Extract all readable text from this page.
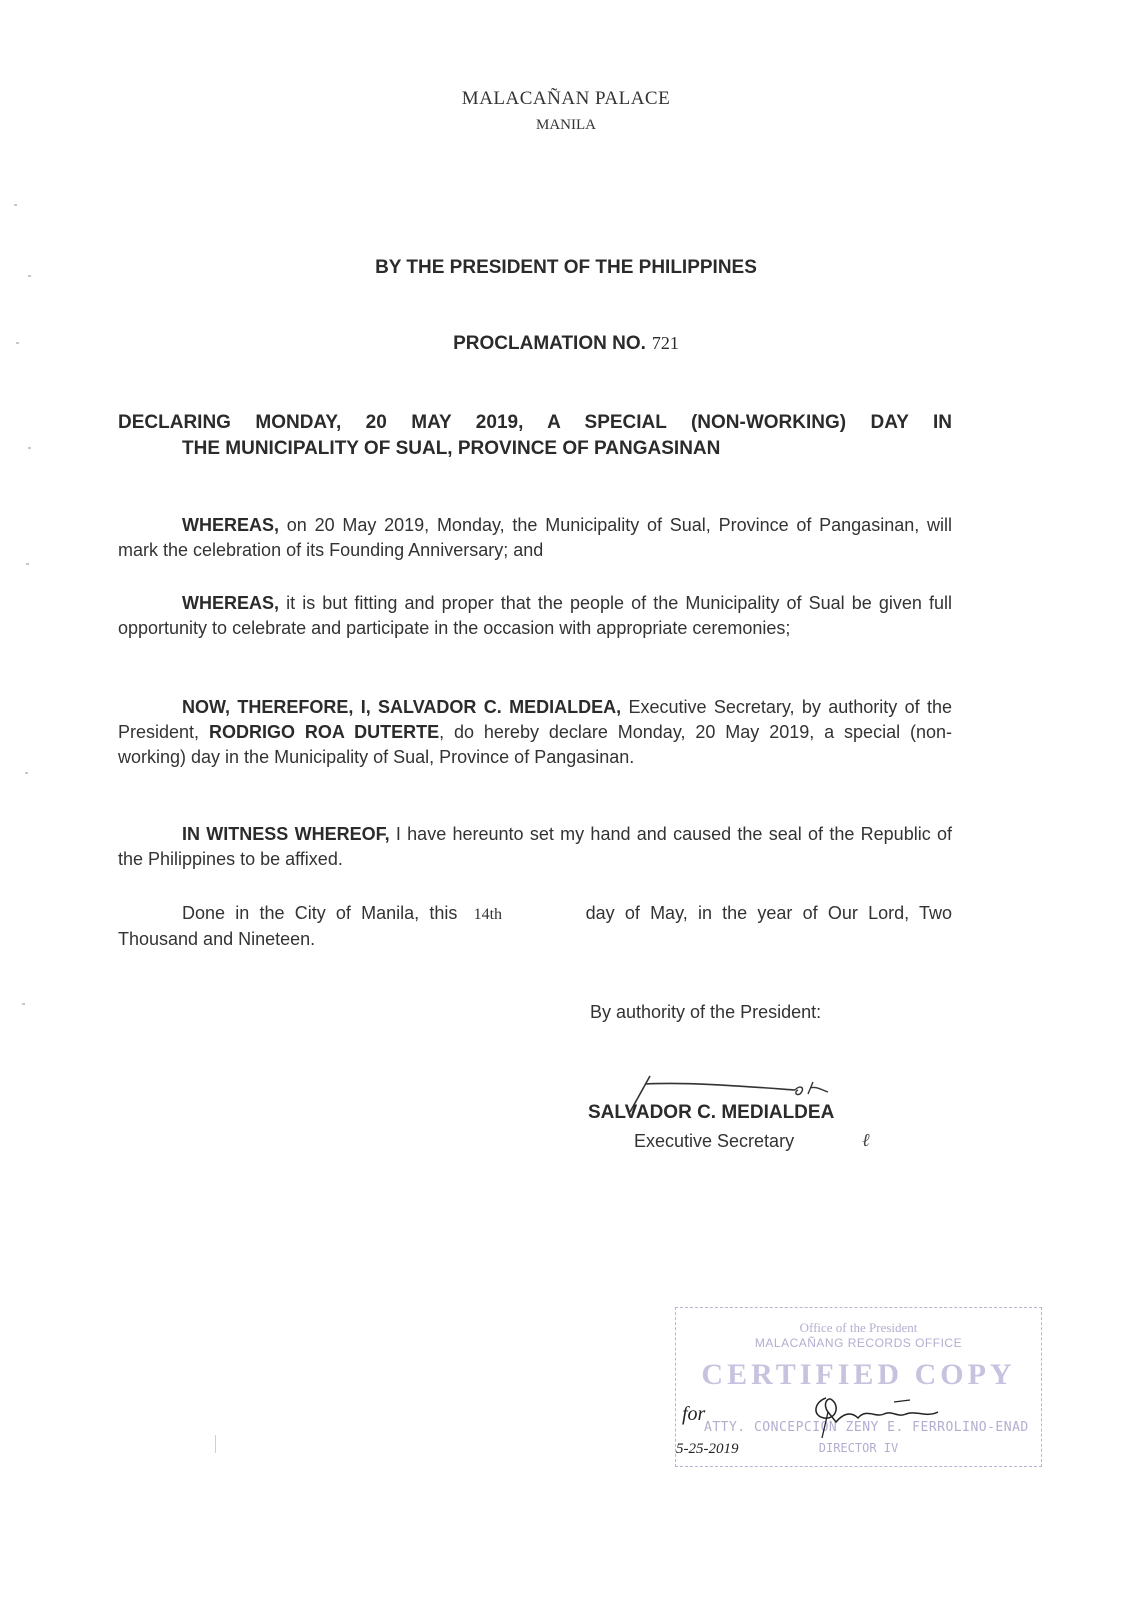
MALACAÑAN PALACE
MANILA
BY THE PRESIDENT OF THE PHILIPPINES
PROCLAMATION NO. 721
DECLARING MONDAY, 20 MAY 2019, A SPECIAL (NON-WORKING) DAY IN
THE MUNICIPALITY OF SUAL, PROVINCE OF PANGASINAN
WHEREAS, on 20 May 2019, Monday, the Municipality of Sual, Province of Pangasinan, will mark the celebration of its Founding Anniversary; and
WHEREAS, it is but fitting and proper that the people of the Municipality of Sual be given full opportunity to celebrate and participate in the occasion with appropriate ceremonies;
NOW, THEREFORE, I, SALVADOR C. MEDIALDEA, Executive Secretary, by authority of the President, RODRIGO ROA DUTERTE, do hereby declare Monday, 20 May 2019, a special (non-working) day in the Municipality of Sual, Province of Pangasinan.
IN WITNESS WHEREOF, I have hereunto set my hand and caused the seal of the Republic of the Philippines to be affixed.
Done in the City of Manila, this 14th	day of May, in the year of Our Lord, Two Thousand and Nineteen.
By authority of the President:
SALVADOR C. MEDIALDEA
Executive Secretary	ℓ
Office of the President
MALACAÑANG RECORDS OFFICE
CERTIFIED COPY
ATTY. CONCEPCION ZENY E. FERROLINO-ENAD
DIRECTOR IV
for
5-25-2019
